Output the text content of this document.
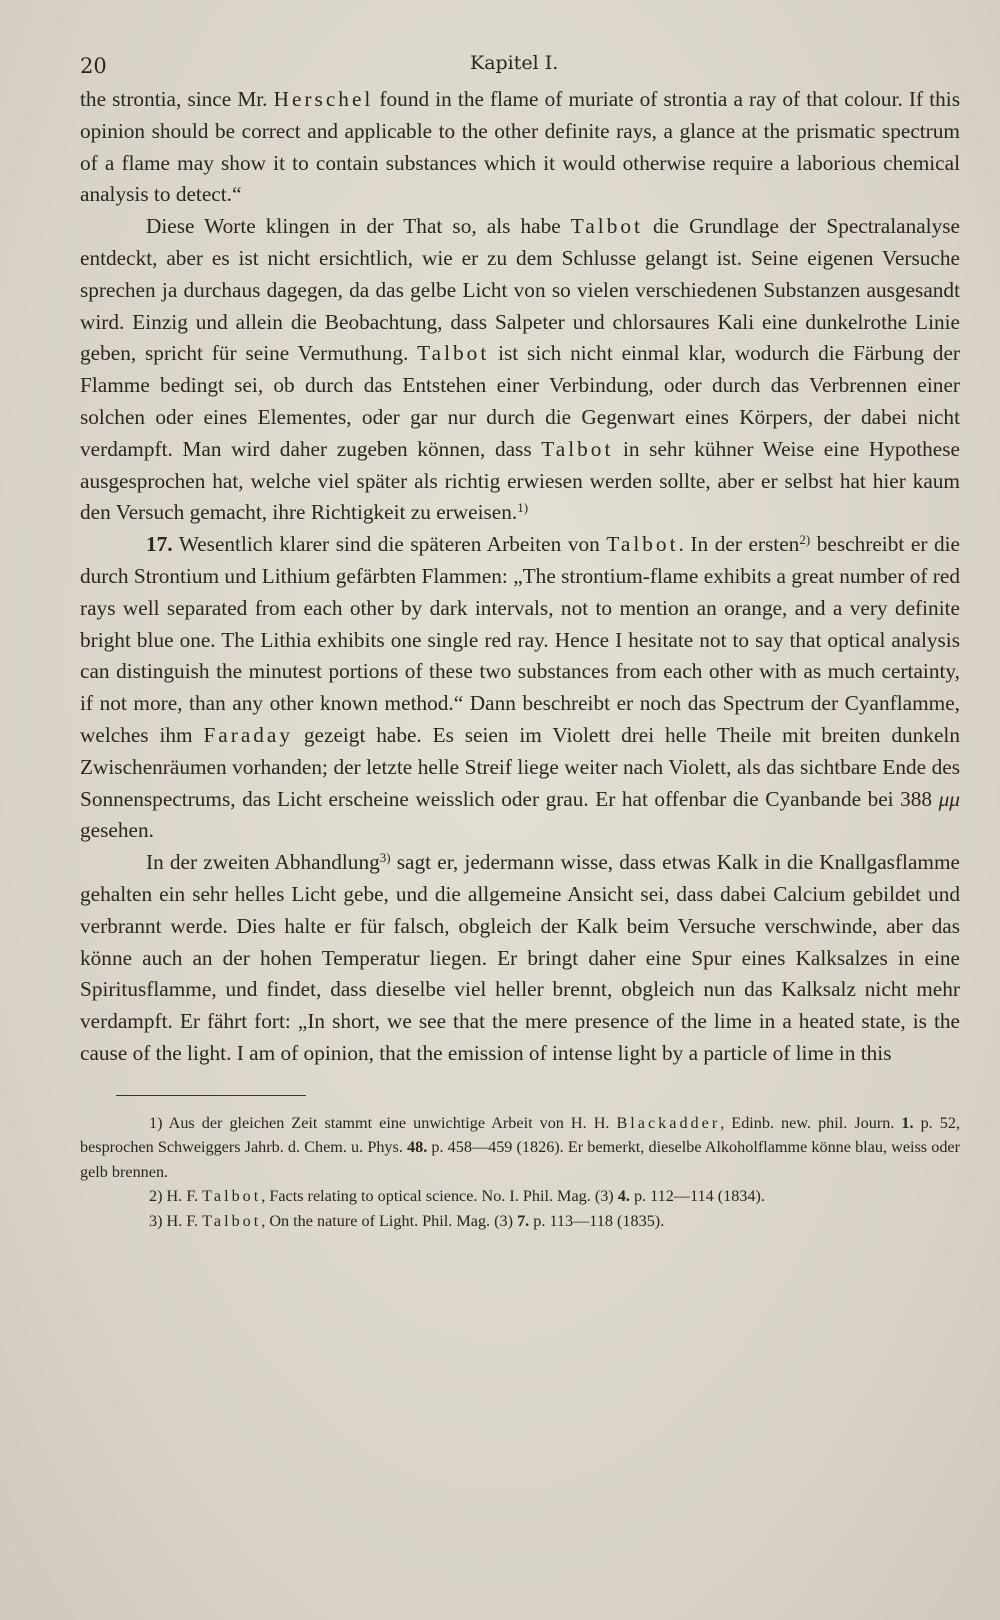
20	Kapitel I.

the strontia, since Mr. Herschel found in the flame of muriate of strontia a ray of that colour. If this opinion should be correct and applicable to the other definite rays, a glance at the prismatic spectrum of a flame may show it to contain substances which it would otherwise require a laborious chemical analysis to detect.“

Diese Worte klingen in der That so, als habe Talbot die Grundlage der Spectralanalyse entdeckt, aber es ist nicht ersichtlich, wie er zu dem Schlusse gelangt ist. Seine eigenen Versuche sprechen ja durchaus dagegen, da das gelbe Licht von so vielen verschiedenen Substanzen ausgesandt wird. Einzig und allein die Beobachtung, dass Salpeter und chlorsaures Kali eine dunkelrothe Linie geben, spricht für seine Vermuthung. Talbot ist sich nicht einmal klar, wodurch die Färbung der Flamme bedingt sei, ob durch das Entstehen einer Verbindung, oder durch das Verbrennen einer solchen oder eines Elementes, oder gar nur durch die Gegenwart eines Körpers, der dabei nicht verdampft. Man wird daher zugeben können, dass Talbot in sehr kühner Weise eine Hypothese ausgesprochen hat, welche viel später als richtig erwiesen werden sollte, aber er selbst hat hier kaum den Versuch gemacht, ihre Richtigkeit zu erweisen.$^{1)}$

17. Wesentlich klarer sind die späteren Arbeiten von Talbot. In der ersten$^{2)}$ beschreibt er die durch Strontium und Lithium gefärbten Flammen: „The strontium-flame exhibits a great number of red rays well separated from each other by dark intervals, not to mention an orange, and a very definite bright blue one. The Lithia exhibits one single red ray. Hence I hesitate not to say that optical analysis can distinguish the minutest portions of these two substances from each other with as much certainty, if not more, than any other known method.“ Dann beschreibt er noch das Spectrum der Cyanflamme, welches ihm Faraday gezeigt habe. Es seien im Violett drei helle Theile mit breiten dunkeln Zwischenräumen vorhanden; der letzte helle Streif liege weiter nach Violett, als das sichtbare Ende des Sonnenspectrums, das Licht erscheine weisslich oder grau. Er hat offenbar die Cyanbande bei 388 μμ gesehen.

In der zweiten Abhandlung$^{3)}$ sagt er, jedermann wisse, dass etwas Kalk in die Knallgasflamme gehalten ein sehr helles Licht gebe, und die allgemeine Ansicht sei, dass dabei Calcium gebildet und verbrannt werde. Dies halte er für falsch, obgleich der Kalk beim Versuche verschwinde, aber das könne auch an der hohen Temperatur liegen. Er bringt daher eine Spur eines Kalksalzes in eine Spiritusflamme, und findet, dass dieselbe viel heller brennt, obgleich nun das Kalksalz nicht mehr verdampft. Er fährt fort: „In short, we see that the mere presence of the lime in a heated state, is the cause of the light. I am of opinion, that the emission of intense light by a particle of lime in this

1) Aus der gleichen Zeit stammt eine unwichtige Arbeit von H. H. Blackadder, Edinb. new. phil. Journ. 1. p. 52, besprochen Schweiggers Jahrb. d. Chem. u. Phys. 48. p. 458—459 (1826). Er bemerkt, dieselbe Alkoholflamme könne blau, weiss oder gelb brennen.

2) H. F. Talbot, Facts relating to optical science. No. I. Phil. Mag. (3) 4. p. 112—114 (1834).

3) H. F. Talbot, On the nature of Light. Phil. Mag. (3) 7. p. 113—118 (1835).
